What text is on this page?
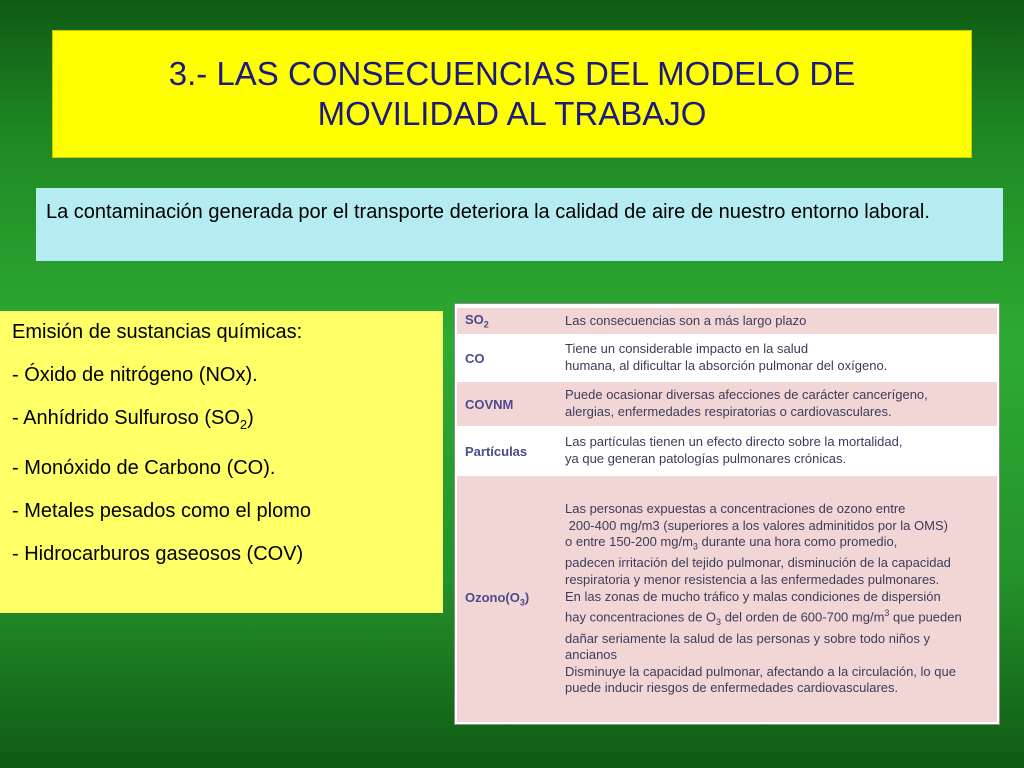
3.- LAS CONSECUENCIAS DEL MODELO DE
MOVILIDAD AL TRABAJO
La contaminación generada por el transporte deteriora la calidad de aire de nuestro entorno laboral.

Emisión de sustancias químicas:

- Óxido de nitrógeno (NOx).

- Anhídrido Sulfuroso $(SO_2)$

- Monóxido de Carbono (CO).

- Metales pesados como el plomo

- Hidrocarburos gaseosos (COV)

$SO_2$	Las consecuencias son a más largo plazo
CO
Tiene un considerable impacto en la salud
humana, al dificultar la absorción pulmonar del oxígeno.
COVNM
Puede ocasionar diversas afecciones de carácter cancerígeno,
alergias, enfermedades respiratorias o cardiovasculares.
Partículas
Las partículas tienen un efecto directo sobre la mortalidad,
ya que generan patologías pulmonares crónicas.
$Ozono(O_3)$
Las personas expuestas a concentraciones de ozono entre
200-400 mg/m3 (superiores a los valores adminitidos por la OMS)
o entre 150-200 $mg/m_3$ durante una hora como promedio,
padecen irritación del tejido pulmonar, disminución de la capacidad
respiratoria y menor resistencia a las enfermedades pulmonares.
En las zonas de mucho tráfico y malas condiciones de dispersión
hay concentraciones de $O_3$ del orden de 600-700 $mg/m^3$ que pueden
dañar seriamente la salud de las personas y sobre todo niños y
ancianos
Disminuye la capacidad pulmonar, afectando a la circulación, lo que
puede inducir riesgos de enfermedades cardiovasculares.
